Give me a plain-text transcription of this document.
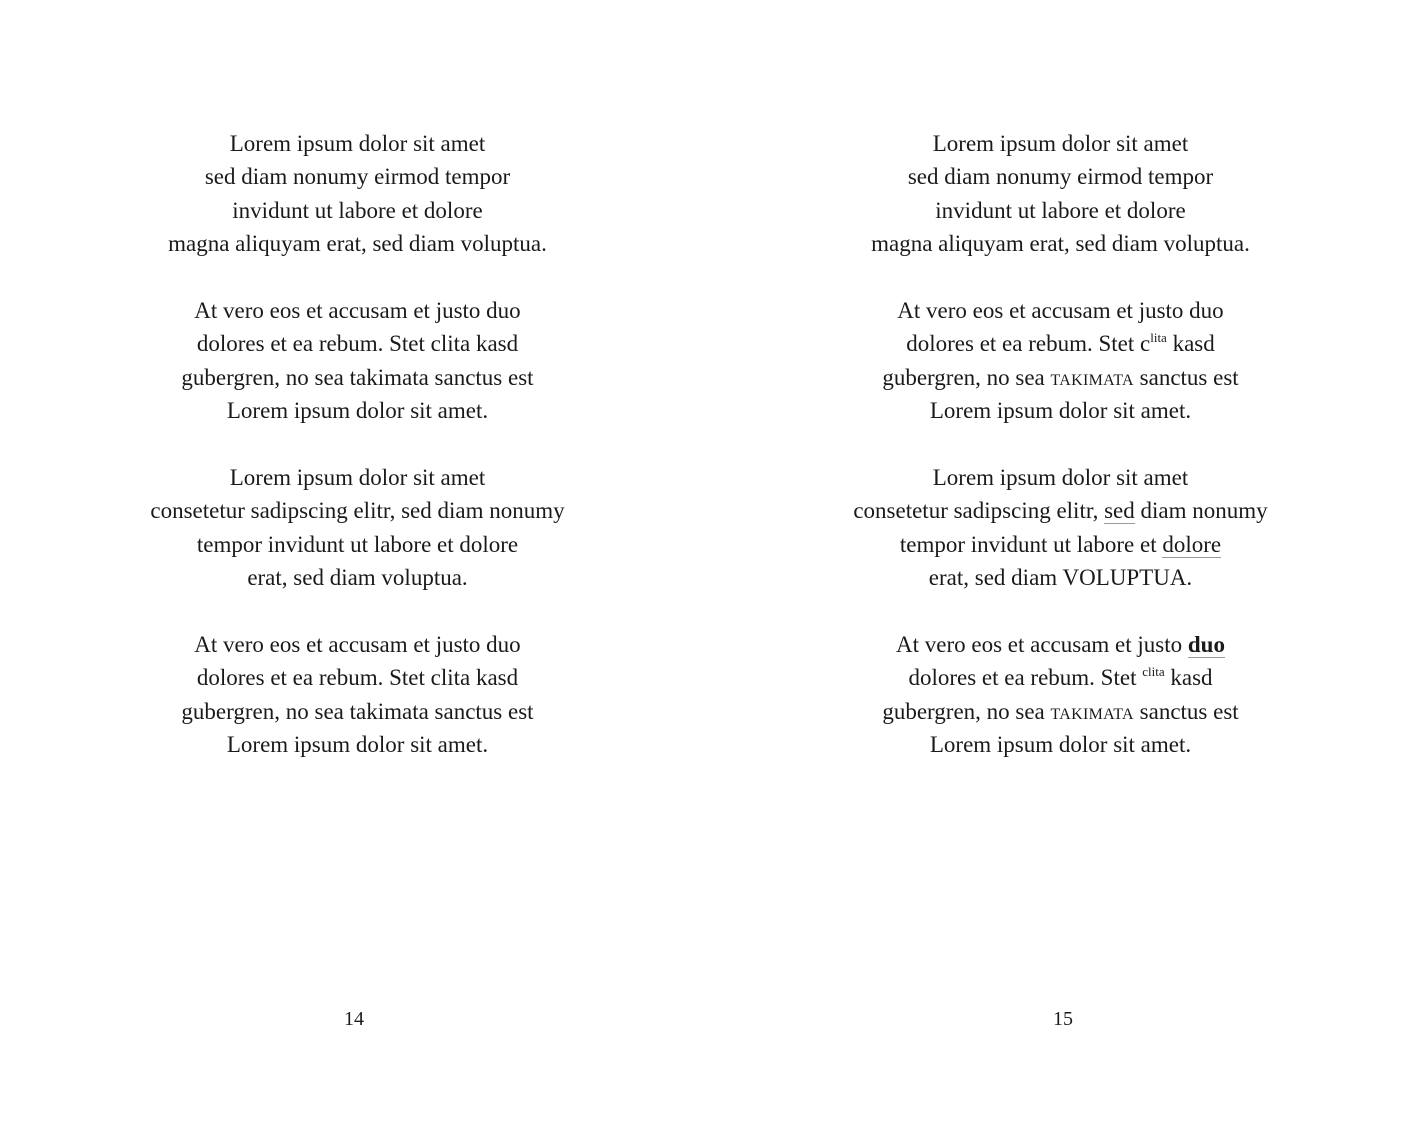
Lorem ipsum dolor sit amet
sed diam nonumy eirmod tempor
invidunt ut labore et dolore
magna aliquyam erat, sed diam voluptua.
At vero eos et accusam et justo duo
dolores et ea rebum. Stet clita kasd
gubergren, no sea takimata sanctus est
Lorem ipsum dolor sit amet.
Lorem ipsum dolor sit amet
consetetur sadipscing elitr, sed diam nonumy
tempor invidunt ut labore et dolore
erat, sed diam voluptua.
At vero eos et accusam et justo duo
dolores et ea rebum. Stet clita kasd
gubergren, no sea takimata sanctus est
Lorem ipsum dolor sit amet.
14
Lorem ipsum dolor sit amet
sed diam nonumy eirmod tempor
invidunt ut labore et dolore
magna aliquyam erat, sed diam voluptua.
At vero eos et accusam et justo duo
dolores et ea rebum. Stet $c^{lita}$ kasd
gubergren, no sea takimata sanctus est
Lorem ipsum dolor sit amet.
Lorem ipsum dolor sit amet
consetetur sadipscing elitr, sed diam nonumy
tempor invidunt ut labore et dolore
erat, sed diam VOLUPTUA.
At vero eos et accusam et justo duo
dolores et ea rebum. Stet $^{clita}$ kasd
gubergren, no sea takimata sanctus est
Lorem ipsum dolor sit amet.
15
